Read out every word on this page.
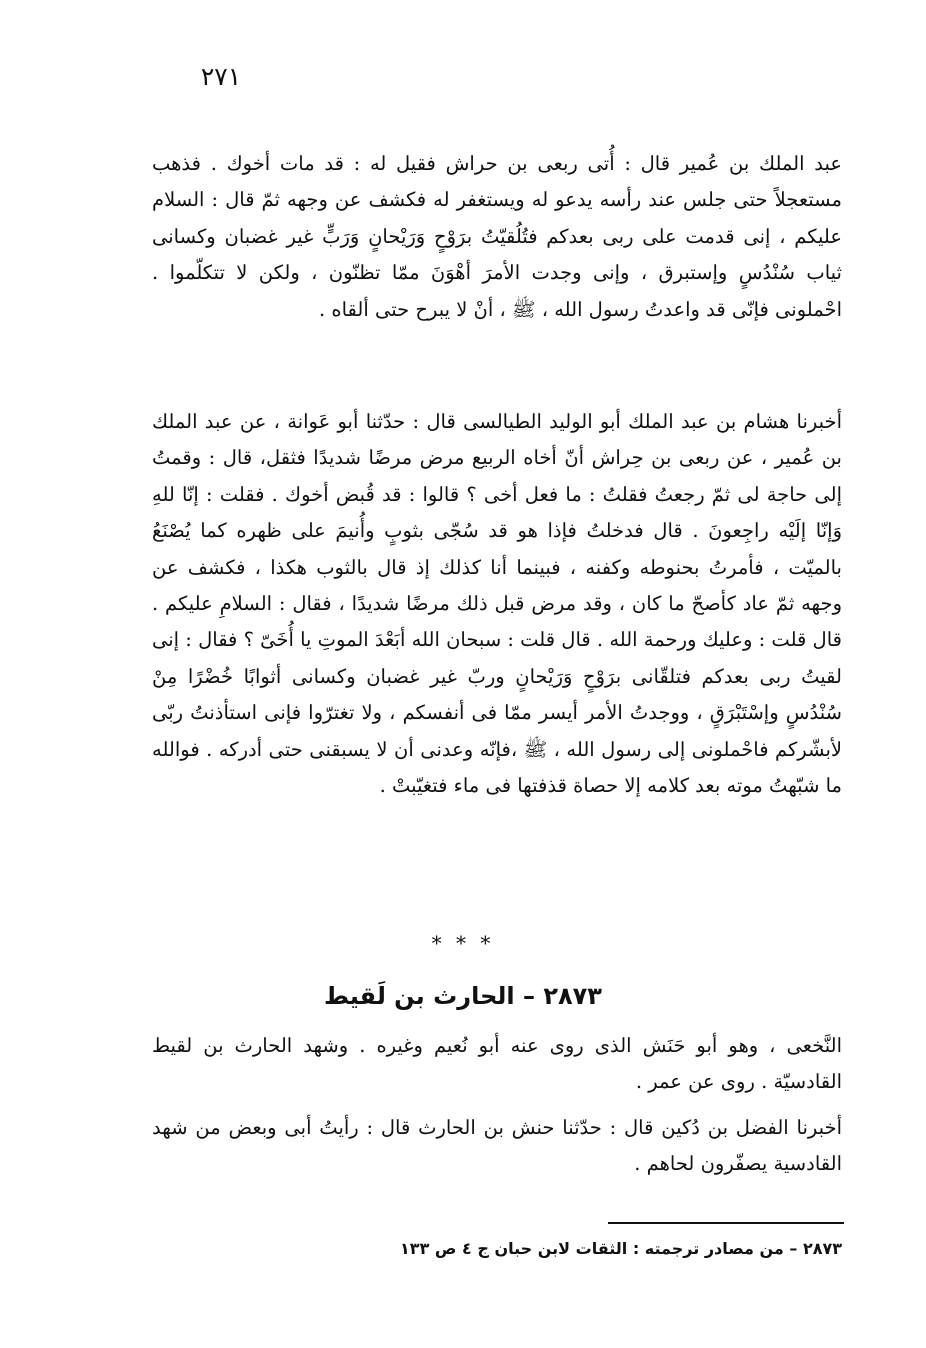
٢٧١

عبد الملك بن عُمير قال : أُتى ربعى بن حراش فقيل له : قد مات أخوك . فذهب مستعجلاً حتى جلس عند رأسه يدعو له ويستغفر له فكشف عن وجهه ثمّ قال : السلام عليكم ، إنى قدمت على ربى بعدكم فتُلُقيّتُ برَوْحٍ وَرَيْحانٍ وَرَبٍّ غير غضبان وكسانى ثياب سُنْدُسٍ وإستبرق ، وإنى وجدت الأمرَ أهْوَنَ ممّا تظنّون ، ولكن لا تتكلّموا . احْملونى فإنّى قد واعدتُ رسول الله ، ﷺ ، أنْ لا يبرح حتى ألقاه .

أخبرنا هشام بن عبد الملك أبو الوليد الطيالسى قال : حدّثنا أبو عَوانة ، عن عبد الملك بن عُمير ، عن ربعى بن حِراش أنّ أخاه الربيع مرض مرضًا شديدًا فثقل، قال : وقمتُ إلى حاجة لى ثمّ رجعتُ فقلتُ : ما فعل أخى ؟ قالوا : قد قُبض أخوك . فقلت : إنّا للهِ وَإنّا إلَيْه راجِعونَ . قال فدخلتُ فإذا هو قد سُجّى بثوبٍ وأُنيمَ على ظهره كما يُصْنَعُ بالميّت ، فأمرتُ بحنوطه وكفنه ، فبينما أنا كذلك إذ قال بالثوب هكذا ، فكشف عن وجهه ثمّ عاد كأصحّ ما كان ، وقد مرض قبل ذلك مرضًا شديدًا ، فقال : السلامِ عليكم . قال قلت : وعليك ورحمة الله . قال قلت : سبحان الله أبَعْدَ الموتِ يا أُخَىّ ؟ فقال : إنى لقيتُ ربى بعدكم فتلقّانى برَوْحٍ وَرَيْحانٍ وربّ غير غضبان وكسانى أثوابًا خُضْرًا مِنْ سُنْدُسٍ وإسْتَبْرَقٍ ، ووجدتُ الأمر أيسر ممّا فى أنفسكم ، ولا تغترّوا فإنى استأذنتُ ربّى لأبشّركم فاحْملونى إلى رسول الله ، ﷺ ،فإنّه وعدنى أن لا يسبقنى حتى أدركه . فوالله ما شبّهتُ موته بعد كلامه إلا حصاة قذفتها فى ماء فتغيّبتْ .

* * *
٢٨٧٣ – الحارث بن لَقيط

النَّخعى ، وهو أبو حَنَش الذى روى عنه أبو نُعيم وغيره . وشهد الحارث بن لقيط القادسيّة . روى عن عمر .

أخبرنا الفضل بن دُكين قال : حدّثنا حنش بن الحارث قال : رأيتُ أبى وبعض من شهد القادسية يصفّرون لحاهم .

٢٨٧٣ – من مصادر ترجمته : الثقات لابن حبان ج ٤ ص ١٣٣
